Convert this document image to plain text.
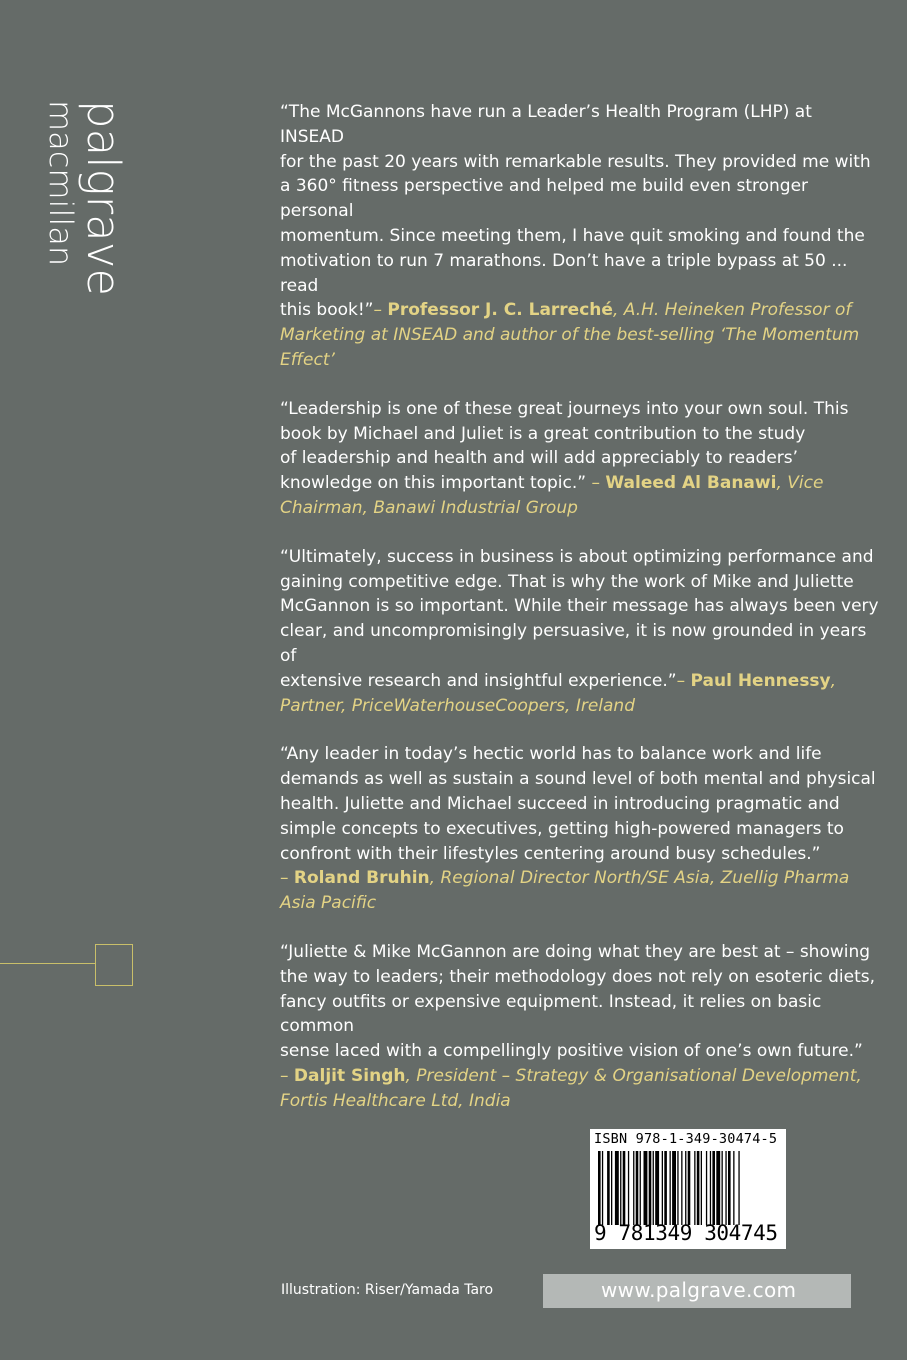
palgrave
macmillan	“The McGannons have run a Leader’s Health Program (LHP) at INSEAD
for the past 20 years with remarkable results. They provided me with
a 360° fitness perspective and helped me build even stronger personal
momentum. Since meeting them, I have quit smoking and found the
motivation to run 7 marathons. Don’t have a triple bypass at 50 ... read
this book!”– Professor J. C. Larreché, A.H. Heineken Professor of Marketing at INSEAD and author of the best-selling ‘The Momentum Effect’
“Leadership is one of these great journeys into your own soul. This
book by Michael and Juliet is a great contribution to the study
of leadership and health and will add appreciably to readers’
knowledge on this important topic.” – Waleed Al Banawi, Vice Chairman, Banawi Industrial Group
“Ultimately, success in business is about optimizing performance and
gaining competitive edge. That is why the work of Mike and Juliette
McGannon is so important. While their message has always been very
clear, and uncompromisingly persuasive, it is now grounded in years of
extensive research and insightful experience.”– Paul Hennessy, Partner, PriceWaterhouseCoopers, Ireland
“Any leader in today’s hectic world has to balance work and life
demands as well as sustain a sound level of both mental and physical
health. Juliette and Michael succeed in introducing pragmatic and
simple concepts to executives, getting high-powered managers to
confront with their lifestyles centering around busy schedules.”
– Roland Bruhin, Regional Director North/SE Asia, Zuellig Pharma Asia Pacific
“Juliette & Mike McGannon are doing what they are best at – showing
the way to leaders; their methodology does not rely on esoteric diets,
fancy outfits or expensive equipment. Instead, it relies on basic common
sense laced with a compellingly positive vision of one’s own future.”
– Daljit Singh, President – Strategy & Organisational Development, Fortis Healthcare Ltd, India
ISBN 978-1-349-30474-5
9 781349 304745
Illustration: Riser/Yamada Taro	www.palgrave.com
